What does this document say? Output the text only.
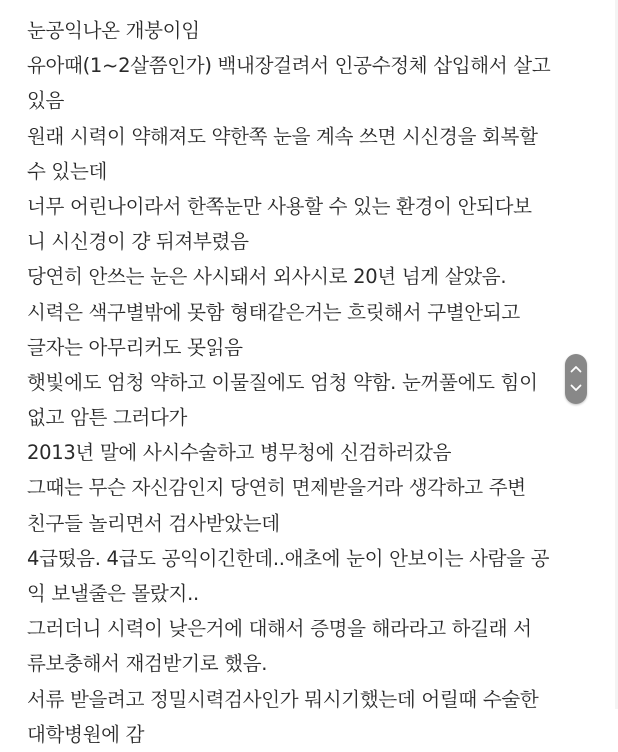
눈공익나온 개붕이임
유아때(1~2살쯤인가) 백내장걸려서 인공수정체 삽입해서 살고
있음
원래 시력이 약해져도 약한쪽 눈을 계속 쓰면 시신경을 회복할
수 있는데
너무 어린나이라서 한쪽눈만 사용할 수 있는 환경이 안되다보
니 시신경이 걍 뒤져부렸음
당연히 안쓰는 눈은 사시돼서 외사시로 20년 넘게 살았음.
시력은 색구별밖에 못함 형태같은거는 흐릿해서 구별안되고
글자는 아무리커도 못읽음
햇빛에도 엄청 약하고 이물질에도 엄청 약함. 눈꺼풀에도 힘이
없고 암튼 그러다가
2013년 말에 사시수술하고 병무청에 신검하러갔음
그때는 무슨 자신감인지 당연히 면제받을거라 생각하고 주변
친구들 놀리면서 검사받았는데
4급떴음. 4급도 공익이긴한데..애초에 눈이 안보이는 사람을 공
익 보낼줄은 몰랐지..
그러더니 시력이 낮은거에 대해서 증명을 해라라고 하길래 서
류보충해서 재검받기로 했음.
서류 받을려고 정밀시력검사인가 뭐시기했는데 어릴때 수술한
대학병원에 감
